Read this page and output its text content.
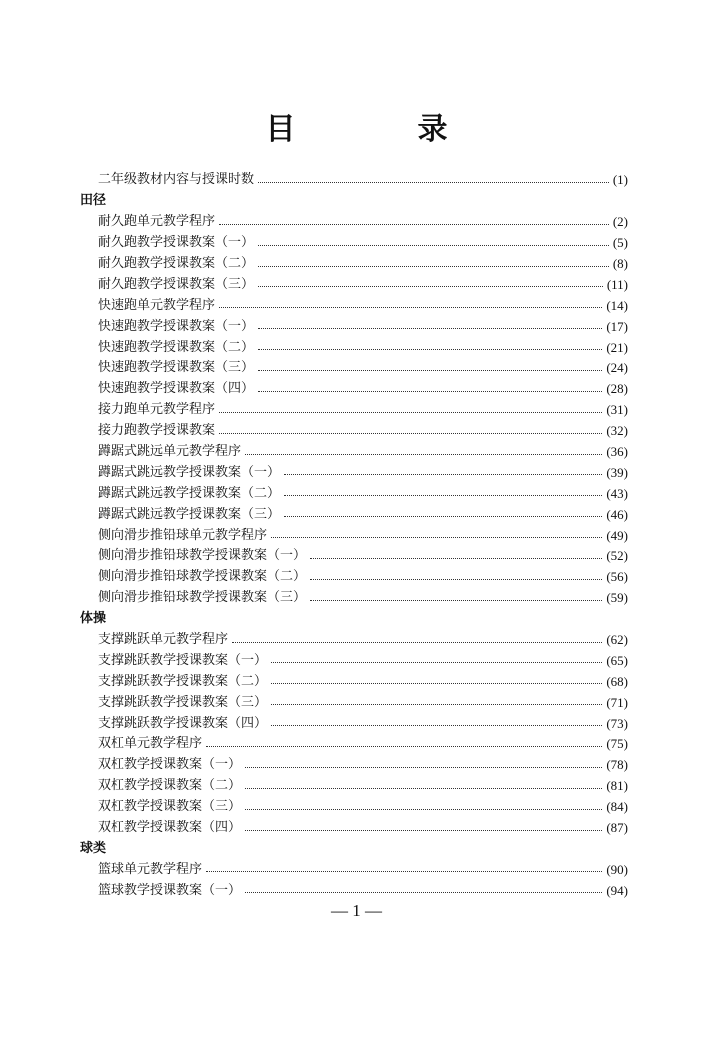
目　录
二年级教材内容与授课时数	(1)
田径
耐久跑单元教学程序	(2)
耐久跑教学授课教案（一）	(5)
耐久跑教学授课教案（二）	(8)
耐久跑教学授课教案（三）	(11)
快速跑单元教学程序	(14)
快速跑教学授课教案（一）	(17)
快速跑教学授课教案（二）	(21)
快速跑教学授课教案（三）	(24)
快速跑教学授课教案（四）	(28)
接力跑单元教学程序	(31)
接力跑教学授课教案	(32)
蹲踞式跳远单元教学程序	(36)
蹲踞式跳远教学授课教案（一）	(39)
蹲踞式跳远教学授课教案（二）	(43)
蹲踞式跳远教学授课教案（三）	(46)
侧向滑步推铅球单元教学程序	(49)
侧向滑步推铅球教学授课教案（一）	(52)
侧向滑步推铅球教学授课教案（二）	(56)
侧向滑步推铅球教学授课教案（三）	(59)
体操
支撑跳跃单元教学程序	(62)
支撑跳跃教学授课教案（一）	(65)
支撑跳跃教学授课教案（二）	(68)
支撑跳跃教学授课教案（三）	(71)
支撑跳跃教学授课教案（四）	(73)
双杠单元教学程序	(75)
双杠教学授课教案（一）	(78)
双杠教学授课教案（二）	(81)
双杠教学授课教案（三）	(84)
双杠教学授课教案（四）	(87)
球类
篮球单元教学程序	(90)
篮球教学授课教案（一）	(94)
— 1 —
